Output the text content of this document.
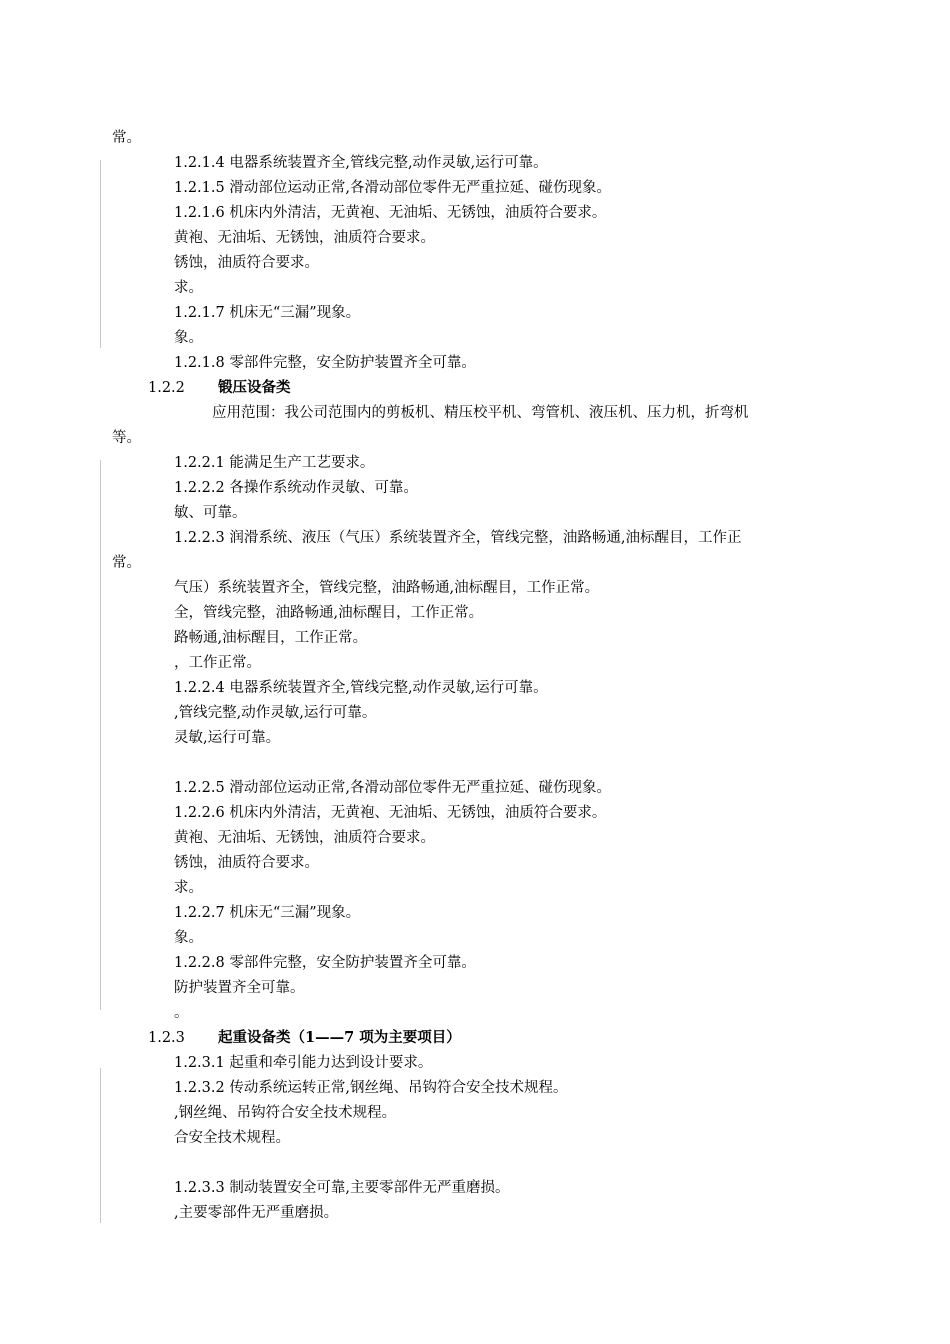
常。
1.2.1.4 电器系统装置齐全,管线完整,动作灵敏,运行可靠。
1.2.1.5 滑动部位运动正常,各滑动部位零件无严重拉延、碰伤现象。
1.2.1.6 机床内外清洁，无黄袍、无油垢、无锈蚀，油质符合要求。
黄袍、无油垢、无锈蚀，油质符合要求。
锈蚀，油质符合要求。
求。
1.2.1.7 机床无“三漏”现象。
象。
1.2.1.8 零部件完整，安全防护装置齐全可靠。
1.2.2 锻压设备类
应用范围：我公司范围内的剪板机、精压校平机、弯管机、液压机、压力机，折弯机
等。
1.2.2.1 能满足生产工艺要求。
1.2.2.2 各操作系统动作灵敏、可靠。
敏、可靠。
1.2.2.3 润滑系统、液压（气压）系统装置齐全，管线完整，油路畅通,油标醒目，工作正
常。
气压）系统装置齐全，管线完整，油路畅通,油标醒目，工作正常。
全，管线完整，油路畅通,油标醒目，工作正常。
路畅通,油标醒目，工作正常。
，工作正常。
1.2.2.4 电器系统装置齐全,管线完整,动作灵敏,运行可靠。
,管线完整,动作灵敏,运行可靠。
灵敏,运行可靠。
1.2.2.5 滑动部位运动正常,各滑动部位零件无严重拉延、碰伤现象。
1.2.2.6 机床内外清洁，无黄袍、无油垢、无锈蚀，油质符合要求。
黄袍、无油垢、无锈蚀，油质符合要求。
锈蚀，油质符合要求。
求。
1.2.2.7 机床无“三漏”现象。
象。
1.2.2.8 零部件完整，安全防护装置齐全可靠。
防护装置齐全可靠。
。
1.2.3 起重设备类（1——7 项为主要项目）
1.2.3.1 起重和牵引能力达到设计要求。
1.2.3.2 传动系统运转正常,钢丝绳、吊钩符合安全技术规程。
,钢丝绳、吊钩符合安全技术规程。
合安全技术规程。
1.2.3.3 制动装置安全可靠,主要零部件无严重磨损。
,主要零部件无严重磨损。
